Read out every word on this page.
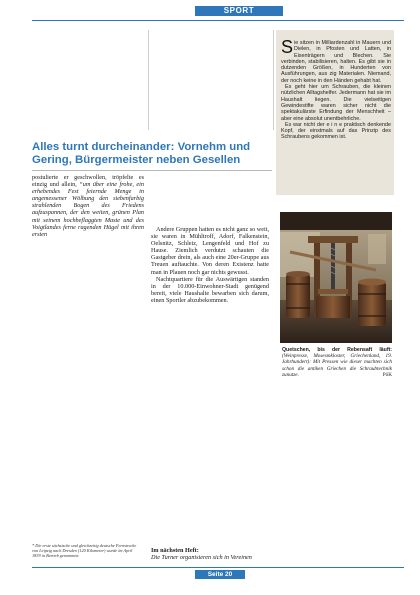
SPORT

S ie sitzen in Milliardenzahl in Mauern und Dielen, in Pfosten und Latten, in Eisenträgern und Blechen. Sie verbinden, stabilisieren, halten. Es gibt sie in dutzenden Größen, in Hunderten von Ausführungen, aus zig Materialen. Niemand, der noch keine in den Händen gehabt hat.

Es geht hier um Schrauben, die kleinen nützlichen Alltagshelfer. Jedermann hat sie im Haushalt liegen. Die vielseitigen Gewindestifte waren sicher nicht die spektakulärste Erfindung der Menschheit – aber eine absolut unentbehrliche.

Es war nicht der e i n e praktisch denkende Kopf, der einstmals auf das Prinzip des Schraubens gekommen ist.

Alles turnt durcheinander: Vornehm und Gering, Bürgermeister neben Gesellen

postulierte er geschwollen, tröpfelte es einzig und allein, “um über eine frohe, ein erhebendes Fest feiernde Menge in angemessener Wölbung den siebenfarbig strahlenden Bogen des Friedens aufzuspannen, der den weiten, grünen Plan mit seinem hochbeflaggten Maste und des Voigtlandes ferne ragenden Hügel mit ihren ersten

Andere Gruppen hatten es nicht ganz so weit, sie waren in Mühltroff, Adorf, Falkenstein, Oelsnitz, Schleiz, Lengenfeld und Hof zu Hause. Ziemlich verdutzt schauten die Gastgeber drein, als auch eine 20er-Gruppe aus Treuen auftauchte. Von deren Existenz hatte man in Plauen noch gar nichts gewusst.

Nachtquartiere für die Auswärtigen standen in der 10.000-Einwohner-Stadt genügend bereit, viele Haushalte bewarben sich darum, einen Sportler abzubekommen.

Quetschen, bis der Rebensaft läuft: (Weinpresse, Mosesmkloster, Griechenland, 19. Jahrhundert): Mit Pressen wie dieser machten sich schon die antiken Griechen die Schraubtechnik zunutze.	PöK

* Die erste sächsische und gleichzeitig deutsche Fernstrecke von Leipzig nach Dresden (120 Kilometer) wurde im April 1839 in Betrieb genommen.

Im nächsten Heft:
Die Turner organisieren sich in Vereinen

Seite 20
